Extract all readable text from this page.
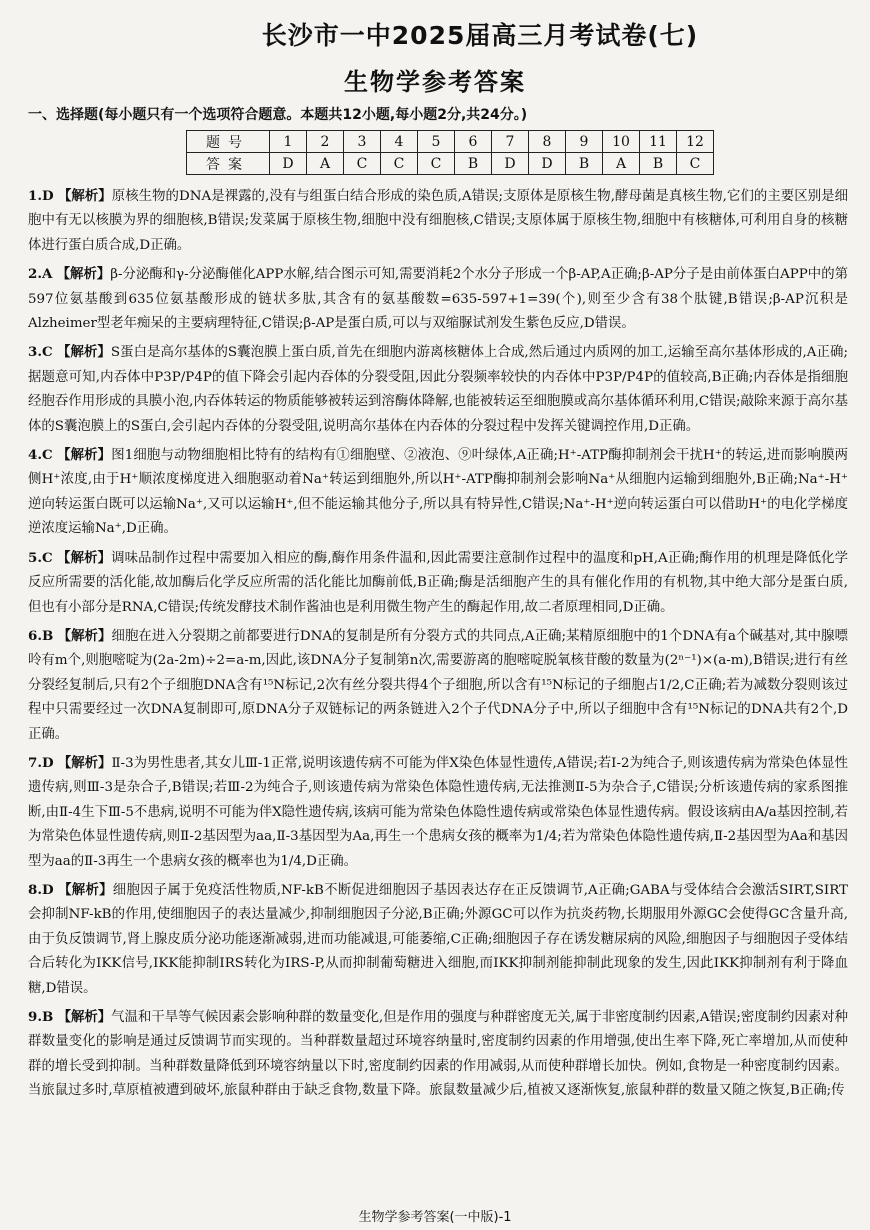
长沙市一中2025届高三月考试卷(七)
生物学参考答案
一、选择题(每小题只有一个选项符合题意。本题共12小题,每小题2分,共24分。)
题号	1	2	3	4	5	6	7	8	9	10	11	12
答案	D	A	C	C	C	B	D	D	B	A	B	C

1.D 【解析】原核生物的DNA是裸露的,没有与组蛋白结合形成的染色质,A错误;支原体是原核生物,酵母菌是真核生物,它们的主要区别是细胞中有无以核膜为界的细胞核,B错误;发菜属于原核生物,细胞中没有细胞核,C错误;支原体属于原核生物,细胞中有核糖体,可利用自身的核糖体进行蛋白质合成,D正确。

2.A 【解析】β-分泌酶和γ-分泌酶催化APP水解,结合图示可知,需要消耗2个水分子形成一个β-AP,A正确;β-AP分子是由前体蛋白APP中的第597位氨基酸到635位氨基酸形成的链状多肽,其含有的氨基酸数=635-597+1=39(个),则至少含有38个肽键,B错误;β-AP沉积是Alzheimer型老年痴呆的主要病理特征,C错误;β-AP是蛋白质,可以与双缩脲试剂发生紫色反应,D错误。

3.C 【解析】S蛋白是高尔基体的S囊泡膜上蛋白质,首先在细胞内游离核糖体上合成,然后通过内质网的加工,运输至高尔基体形成的,A正确;据题意可知,内吞体中P3P/P4P的值下降会引起内吞体的分裂受阻,因此分裂频率较快的内吞体中P3P/P4P的值较高,B正确;内吞体是指细胞经胞吞作用形成的具膜小泡,内吞体转运的物质能够被转运到溶酶体降解,也能被转运至细胞膜或高尔基体循环利用,C错误;敲除来源于高尔基体的S囊泡膜上的S蛋白,会引起内吞体的分裂受阻,说明高尔基体在内吞体的分裂过程中发挥关键调控作用,D正确。

4.C 【解析】图1细胞与动物细胞相比特有的结构有①细胞壁、②液泡、⑨叶绿体,A正确;H⁺-ATP酶抑制剂会干扰H⁺的转运,进而影响膜两侧H⁺浓度,由于H⁺顺浓度梯度进入细胞驱动着Na⁺转运到细胞外,所以H⁺-ATP酶抑制剂会影响Na⁺从细胞内运输到细胞外,B正确;Na⁺-H⁺逆向转运蛋白既可以运输Na⁺,又可以运输H⁺,但不能运输其他分子,所以具有特异性,C错误;Na⁺-H⁺逆向转运蛋白可以借助H⁺的电化学梯度逆浓度运输Na⁺,D正确。

5.C 【解析】调味品制作过程中需要加入相应的酶,酶作用条件温和,因此需要注意制作过程中的温度和pH,A正确;酶作用的机理是降低化学反应所需要的活化能,故加酶后化学反应所需的活化能比加酶前低,B正确;酶是活细胞产生的具有催化作用的有机物,其中绝大部分是蛋白质,但也有小部分是RNA,C错误;传统发酵技术制作酱油也是利用微生物产生的酶起作用,故二者原理相同,D正确。

6.B 【解析】细胞在进入分裂期之前都要进行DNA的复制是所有分裂方式的共同点,A正确;某精原细胞中的1个DNA有a个碱基对,其中腺嘌呤有m个,则胞嘧啶为(2a-2m)÷2=a-m,因此,该DNA分子复制第n次,需要游离的胞嘧啶脱氧核苷酸的数量为(2ⁿ⁻¹)×(a-m),B错误;进行有丝分裂经复制后,只有2个子细胞DNA含有¹⁵N标记,2次有丝分裂共得4个子细胞,所以含有¹⁵N标记的子细胞占1/2,C正确;若为减数分裂则该过程中只需要经过一次DNA复制即可,原DNA分子双链标记的两条链进入2个子代DNA分子中,所以子细胞中含有¹⁵N标记的DNA共有2个,D正确。

7.D 【解析】Ⅱ-3为男性患者,其女儿Ⅲ-1正常,说明该遗传病不可能为伴X染色体显性遗传,A错误;若Ⅰ-2为纯合子,则该遗传病为常染色体显性遗传病,则Ⅲ-3是杂合子,B错误;若Ⅲ-2为纯合子,则该遗传病为常染色体隐性遗传病,无法推测Ⅱ-5为杂合子,C错误;分析该遗传病的家系图推断,由Ⅱ-4生下Ⅲ-5不患病,说明不可能为伴X隐性遗传病,该病可能为常染色体隐性遗传病或常染色体显性遗传病。假设该病由A/a基因控制,若为常染色体显性遗传病,则Ⅱ-2基因型为aa,Ⅱ-3基因型为Aa,再生一个患病女孩的概率为1/4;若为常染色体隐性遗传病,Ⅱ-2基因型为Aa和基因型为aa的Ⅱ-3再生一个患病女孩的概率也为1/4,D正确。

8.D 【解析】细胞因子属于免疫活性物质,NF-kB不断促进细胞因子基因表达存在正反馈调节,A正确;GABA与受体结合会激活SIRT,SIRT会抑制NF-kB的作用,使细胞因子的表达量减少,抑制细胞因子分泌,B正确;外源GC可以作为抗炎药物,长期服用外源GC会使得GC含量升高,由于负反馈调节,肾上腺皮质分泌功能逐渐减弱,进而功能减退,可能萎缩,C正确;细胞因子存在诱发糖尿病的风险,细胞因子与细胞因子受体结合后转化为IKK信号,IKK能抑制IRS转化为IRS-P,从而抑制葡萄糖进入细胞,而IKK抑制剂能抑制此现象的发生,因此IKK抑制剂有利于降血糖,D错误。

9.B 【解析】气温和干旱等气候因素会影响种群的数量变化,但是作用的强度与种群密度无关,属于非密度制约因素,A错误;密度制约因素对种群数量变化的影响是通过反馈调节而实现的。当种群数量超过环境容纳量时,密度制约因素的作用增强,使出生率下降,死亡率增加,从而使种群的增长受到抑制。当种群数量降低到环境容纳量以下时,密度制约因素的作用减弱,从而使种群增长加快。例如,食物是一种密度制约因素。当旅鼠过多时,草原植被遭到破坏,旅鼠种群由于缺乏食物,数量下降。旅鼠数量减少后,植被又逐渐恢复,旅鼠种群的数量又随之恢复,B正确;传

生物学参考答案(一中版)-1
